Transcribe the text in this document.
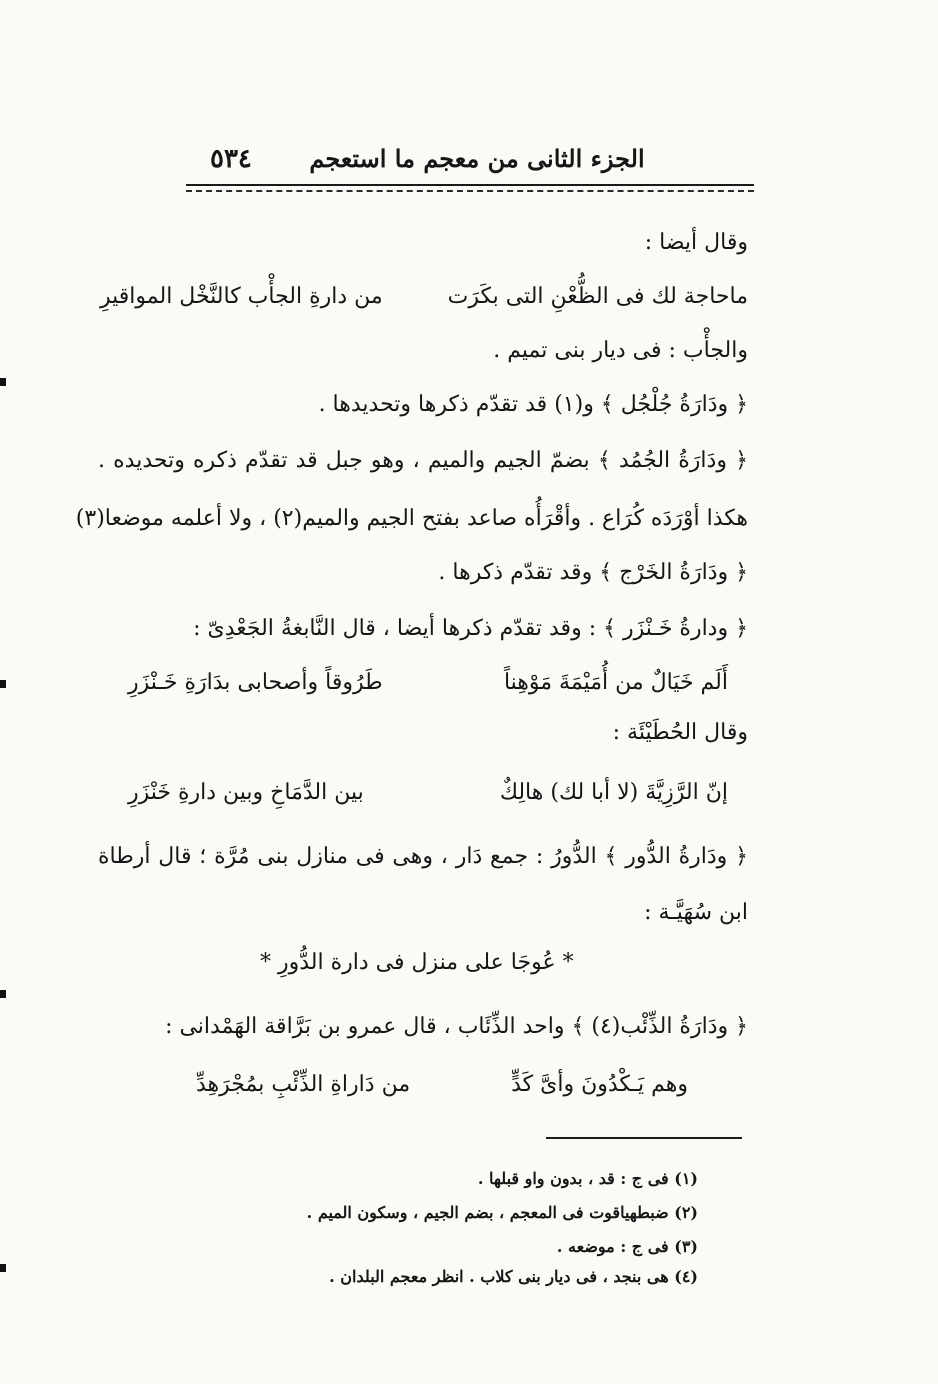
٥٣٤	الجزء الثانى من معجم ما استعجم
وقال أيضا :
ماحاجة لك فى الظُّعْنِ التى بكَرَت
من دارةِ الجأْب كالنَّخْل المواقيرِ
والجأْب : فى ديار بنى تميم .
﴿ ودَارَةُ جُلْجُل ﴾ و(١) قد تقدّم ذكرها وتحديدها .
﴿ ودَارَةُ الجُمُد ﴾ بضمّ الجيم والميم ، وهو جبل قد تقدّم ذكره وتحديده .
هكذا أوْرَدَه كُرَاع . وأقْرَأُه صاعد بفتح الجيم والميم(٢) ، ولا أعلمه موضعا(٣)
﴿ ودَارَةُ الخَرْج ﴾ وقد تقدّم ذكرها .
﴿ ودارةُ خَـنْزَر ﴾ : وقد تقدّم ذكرها أيضا ، قال النَّابغةُ الجَعْدِىّ :
أَلَم خَيَالٌ من أُمَيْمَةَ مَوْهِناً
طَرُوقاً وأصحابى بدَارَةِ خَـنْزَرِ
وقال الحُطَيْئَة :
إنّ الرَّزِيَّةَ (لا أبا لك) هالِكٌ
بين الدَّمَاخِ وبين دارةِ خَنْزَرِ
﴿ ودَارةُ الدُّور ﴾ الدُّورُ : جمع دَار ، وهى فى منازل بنى مُرَّة ؛ قال أرطاة
ابن سُهَيَّـة :
* عُوجَا على منزل فى دارة الدُّورِ *
﴿ ودَارَةُ الذِّئْب(٤) ﴾ واحد الذِّئَاب ، قال عمرو بن بَرَّاقة الهَمْدانى :
وهم يَـكْدُونَ وأىَّ كَدٍّ
من دَاراةِ الذِّئْبِ بمُجْرَهِدِّ
(١) فى ج : قد ، بدون واو قبلها .
(٢) ضبطهياقوت فى المعجم ، بضم الجيم ، وسكون الميم .
(٣) فى ج : موضعه .
(٤) هى بنجد ، فى ديار بنى كلاب . انظر معجم البلدان .
